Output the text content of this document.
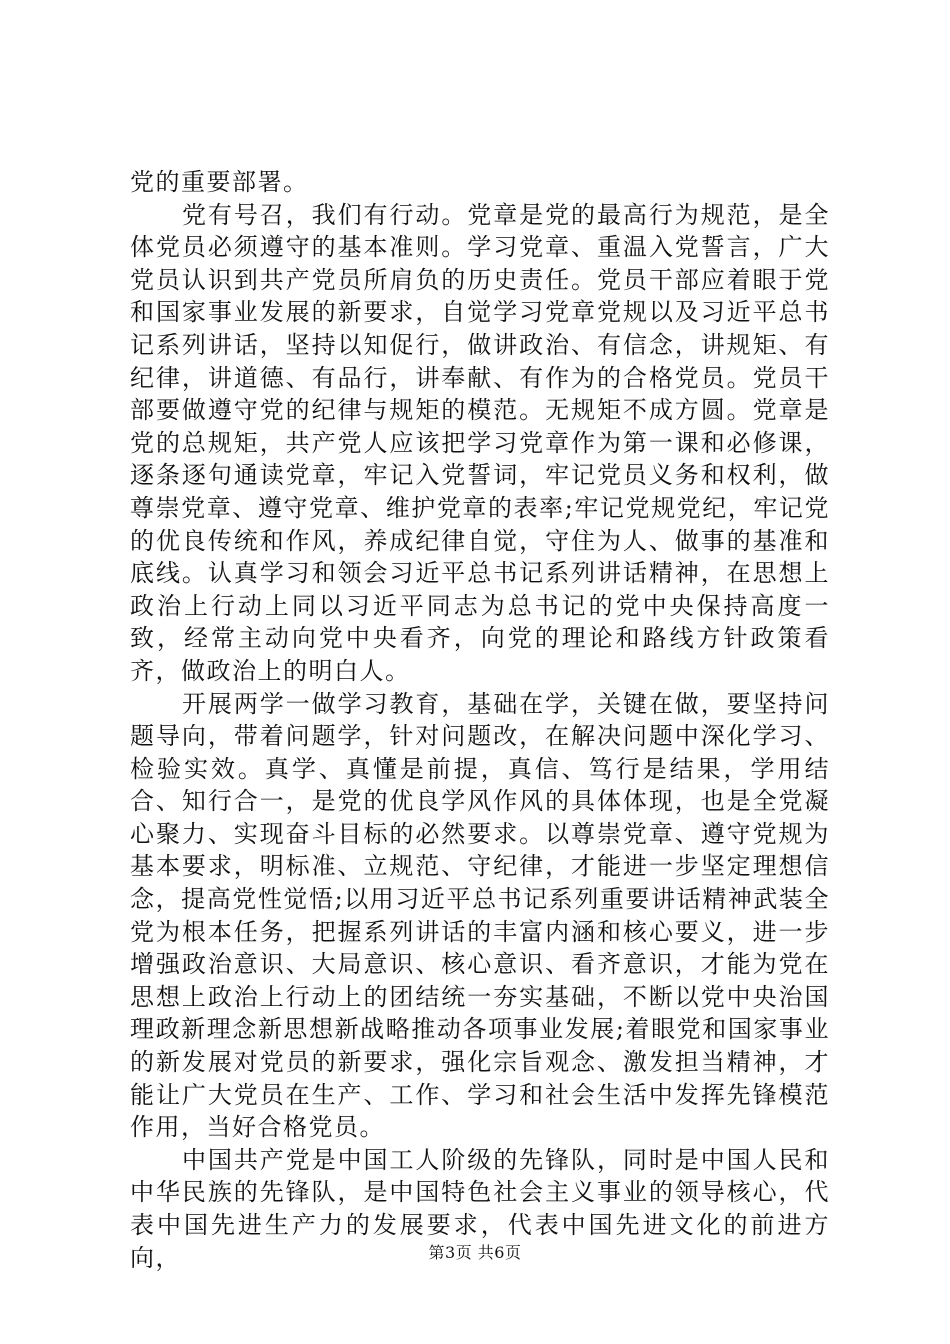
党的重要部署。

党有号召，我们有行动。党章是党的最高行为规范，是全体党员必须遵守的基本准则。学习党章、重温入党誓言，广大党员认识到共产党员所肩负的历史责任。党员干部应着眼于党和国家事业发展的新要求，自觉学习党章党规以及习近平总书记系列讲话，坚持以知促行，做讲政治、有信念，讲规矩、有纪律，讲道德、有品行，讲奉献、有作为的合格党员。党员干部要做遵守党的纪律与规矩的模范。无规矩不成方圆。党章是党的总规矩，共产党人应该把学习党章作为第一课和必修课，逐条逐句通读党章，牢记入党誓词，牢记党员义务和权利，做尊崇党章、遵守党章、维护党章的表率;牢记党规党纪，牢记党的优良传统和作风，养成纪律自觉，守住为人、做事的基准和底线。认真学习和领会习近平总书记系列讲话精神，在思想上政治上行动上同以习近平同志为总书记的党中央保持高度一致，经常主动向党中央看齐，向党的理论和路线方针政策看齐，做政治上的明白人。

开展两学一做学习教育，基础在学，关键在做，要坚持问题导向，带着问题学，针对问题改，在解决问题中深化学习、检验实效。真学、真懂是前提，真信、笃行是结果，学用结合、知行合一，是党的优良学风作风的具体体现，也是全党凝心聚力、实现奋斗目标的必然要求。以尊崇党章、遵守党规为基本要求，明标准、立规范、守纪律，才能进一步坚定理想信念，提高党性觉悟;以用习近平总书记系列重要讲话精神武装全党为根本任务，把握系列讲话的丰富内涵和核心要义，进一步增强政治意识、大局意识、核心意识、看齐意识，才能为党在思想上政治上行动上的团结统一夯实基础，不断以党中央治国理政新理念新思想新战略推动各项事业发展;着眼党和国家事业的新发展对党员的新要求，强化宗旨观念、激发担当精神，才能让广大党员在生产、工作、学习和社会生活中发挥先锋模范作用，当好合格党员。

中国共产党是中国工人阶级的先锋队，同时是中国人民和中华民族的先锋队，是中国特色社会主义事业的领导核心，代表中国先进生产力的发展要求，代表中国先进文化的前进方向，	第3页 共6页
